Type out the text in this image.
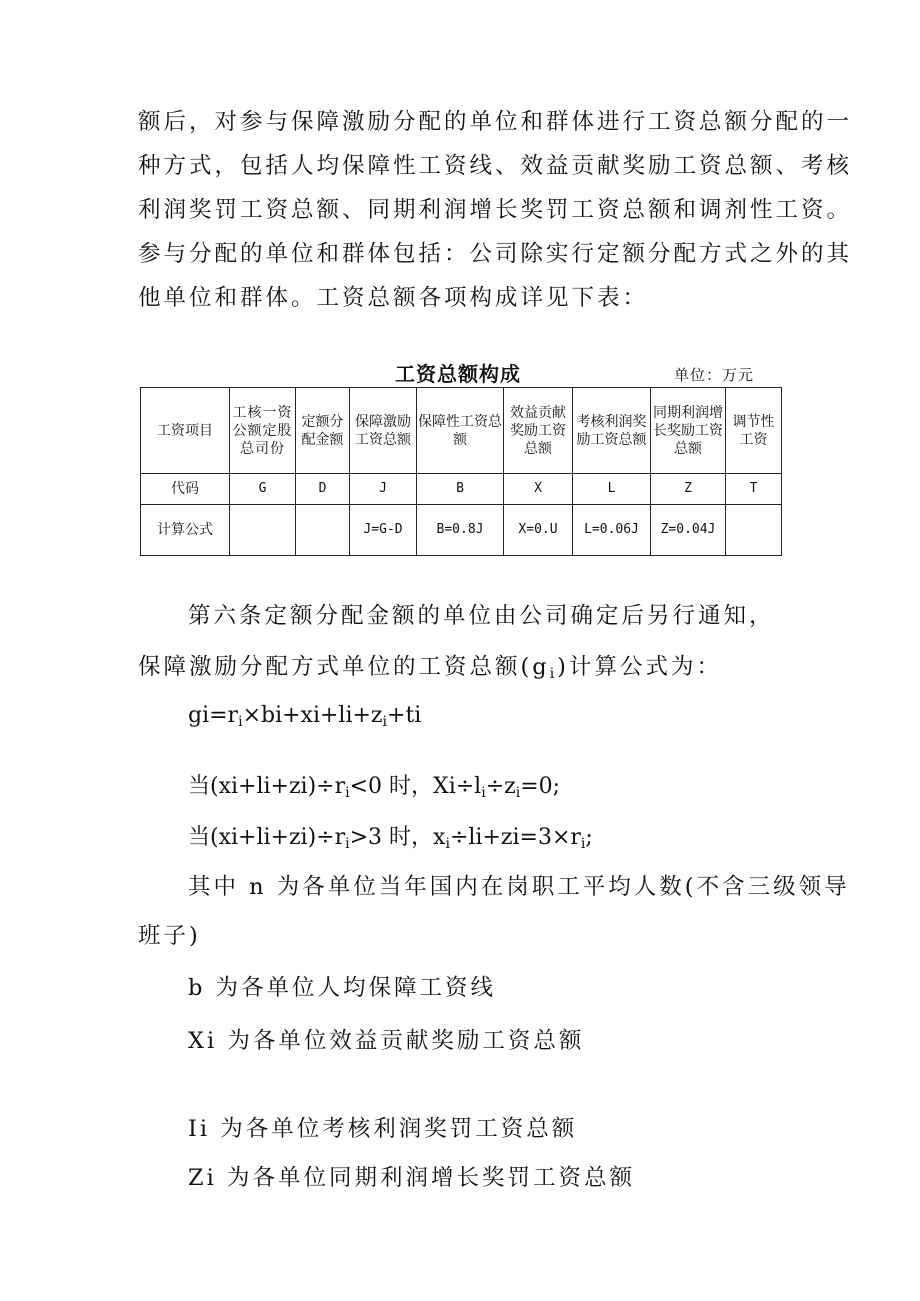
额后，对参与保障激励分配的单位和群体进行工资总额分配的一
种方式，包括人均保障性工资线、效益贡献奖励工资总额、考核
利润奖罚工资总额、同期利润增长奖罚工资总额和调剂性工资。
参与分配的单位和群体包括：公司除实行定额分配方式之外的其
他单位和群体。工资总额各项构成详见下表：
工资总额构成	单位：万元
工资项目	工核一资公额定股总司份	定额分配金额	保障激励工资总额	保障性工资总额	效益贡献奖励工资总额	考核利润奖励工资总额	同期利润增长奖励工资总额	调节性工资
代码	G	D	J	B	X	L	Z	T
计算公式			J=G-D	B=0.8J	X=0.U	L=0.06J	Z=0.04J	
第六条定额分配金额的单位由公司确定后另行通知，
保障激励分配方式单位的工资总额$(g_i)$计算公式为：
$gi=r_i\times bi+xi+li+z_i+ti$
当$(xi+li+zi)\div r_i<0$ 时，$Xi\div l_i\div z_i=0$;
当$(xi+li+zi)\div r_i>3$ 时，$x_i\div li+zi=3\times r_i$;
其中 n 为各单位当年国内在岗职工平均人数(不含三级领导
班子)
b 为各单位人均保障工资线
Xi 为各单位效益贡献奖励工资总额
Ii 为各单位考核利润奖罚工资总额
Zi 为各单位同期利润增长奖罚工资总额
